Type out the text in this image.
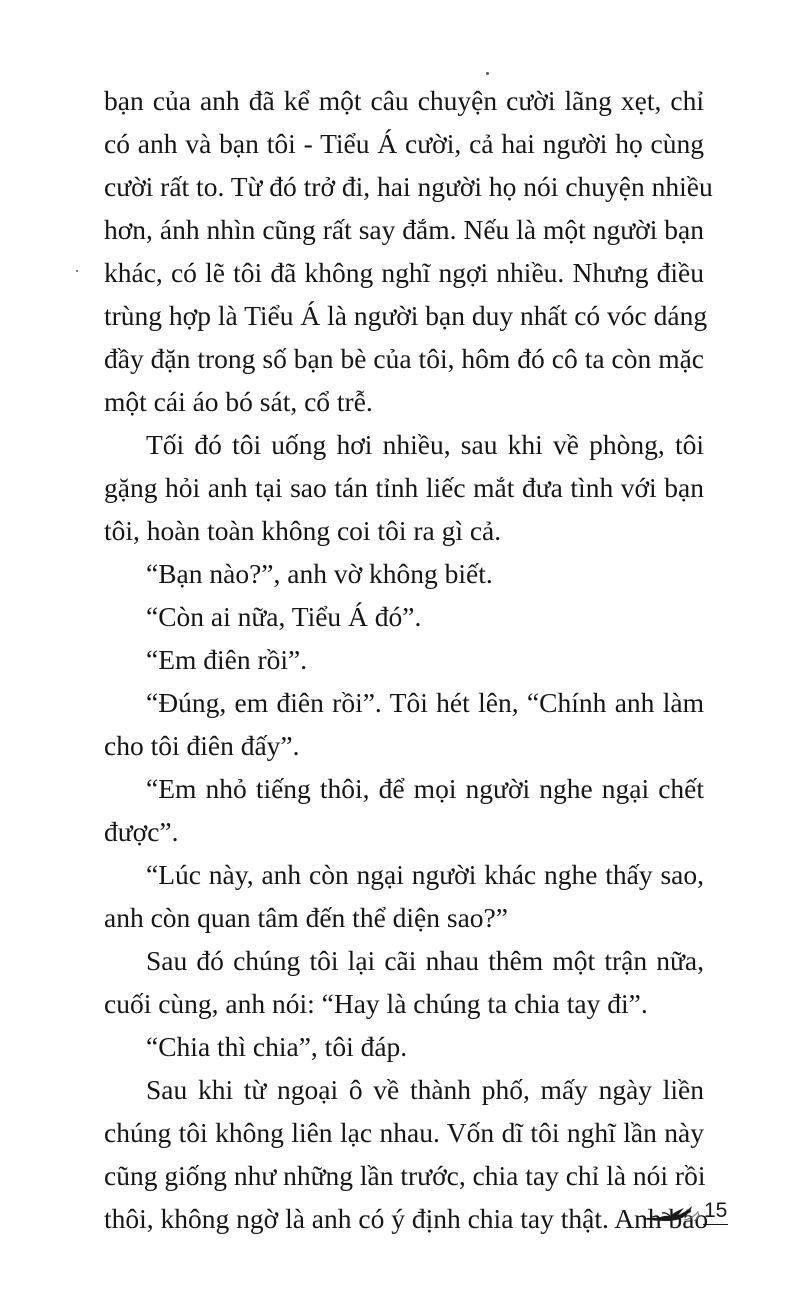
bạn của anh đã kể một câu chuyện cười lãng xẹt, chỉ
có anh và bạn tôi - Tiểu Á cười, cả hai người họ cùng
cười rất to. Từ đó trở đi, hai người họ nói chuyện nhiều
hơn, ánh nhìn cũng rất say đắm. Nếu là một người bạn
khác, có lẽ tôi đã không nghĩ ngợi nhiều. Nhưng điều
trùng hợp là Tiểu Á là người bạn duy nhất có vóc dáng
đầy đặn trong số bạn bè của tôi, hôm đó cô ta còn mặc
một cái áo bó sát, cổ trễ.
Tối đó tôi uống hơi nhiều, sau khi về phòng, tôi
gặng hỏi anh tại sao tán tỉnh liếc mắt đưa tình với bạn
tôi, hoàn toàn không coi tôi ra gì cả.
“Bạn nào?”, anh vờ không biết.
“Còn ai nữa, Tiểu Á đó”.
“Em điên rồi”.
“Đúng, em điên rồi”. Tôi hét lên, “Chính anh làm
cho tôi điên đấy”.
“Em nhỏ tiếng thôi, để mọi người nghe ngại chết
được”.
“Lúc này, anh còn ngại người khác nghe thấy sao,
anh còn quan tâm đến thể diện sao?”
Sau đó chúng tôi lại cãi nhau thêm một trận nữa,
cuối cùng, anh nói: “Hay là chúng ta chia tay đi”.
“Chia thì chia”, tôi đáp.
Sau khi từ ngoại ô về thành phố, mấy ngày liền
chúng tôi không liên lạc nhau. Vốn dĩ tôi nghĩ lần này
cũng giống như những lần trước, chia tay chỉ là nói rồi
thôi, không ngờ là anh có ý định chia tay thật. Anh bảo
15
